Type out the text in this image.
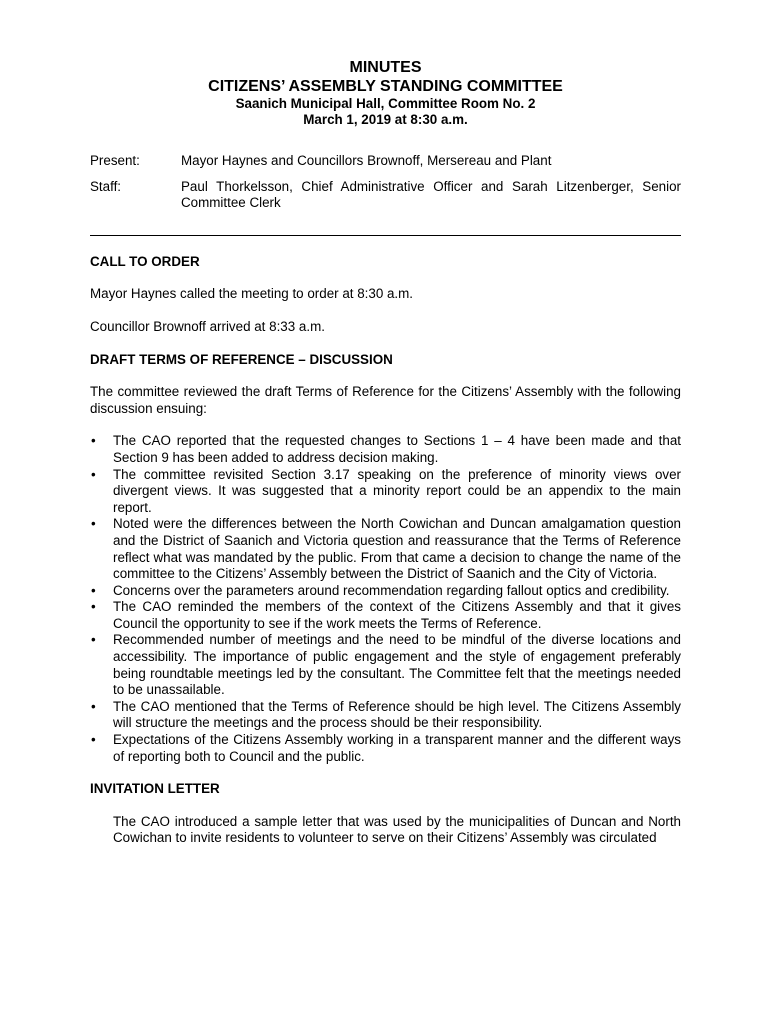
MINUTES
CITIZENS’ ASSEMBLY STANDING COMMITTEE
Saanich Municipal Hall, Committee Room No. 2
March 1, 2019 at 8:30 a.m.
Present:	Mayor Haynes and Councillors Brownoff, Mersereau and Plant
Staff:	Paul Thorkelsson, Chief Administrative Officer and Sarah Litzenberger, Senior Committee Clerk
CALL TO ORDER
Mayor Haynes called the meeting to order at 8:30 a.m.
Councillor Brownoff arrived at 8:33 a.m.
DRAFT TERMS OF REFERENCE – DISCUSSION
The committee reviewed the draft Terms of Reference for the Citizens’ Assembly with the following discussion ensuing:
• The CAO reported that the requested changes to Sections 1 – 4 have been made and that Section 9 has been added to address decision making.
• The committee revisited Section 3.17 speaking on the preference of minority views over divergent views. It was suggested that a minority report could be an appendix to the main report.
• Noted were the differences between the North Cowichan and Duncan amalgamation question and the District of Saanich and Victoria question and reassurance that the Terms of Reference reflect what was mandated by the public. From that came a decision to change the name of the committee to the Citizens’ Assembly between the District of Saanich and the City of Victoria.
• Concerns over the parameters around recommendation regarding fallout optics and credibility.
• The CAO reminded the members of the context of the Citizens Assembly and that it gives Council the opportunity to see if the work meets the Terms of Reference.
• Recommended number of meetings and the need to be mindful of the diverse locations and accessibility. The importance of public engagement and the style of engagement preferably being roundtable meetings led by the consultant. The Committee felt that the meetings needed to be unassailable.
• The CAO mentioned that the Terms of Reference should be high level. The Citizens Assembly will structure the meetings and the process should be their responsibility.
• Expectations of the Citizens Assembly working in a transparent manner and the different ways of reporting both to Council and the public.
INVITATION LETTER
The CAO introduced a sample letter that was used by the municipalities of Duncan and North Cowichan to invite residents to volunteer to serve on their Citizens’ Assembly was circulated
